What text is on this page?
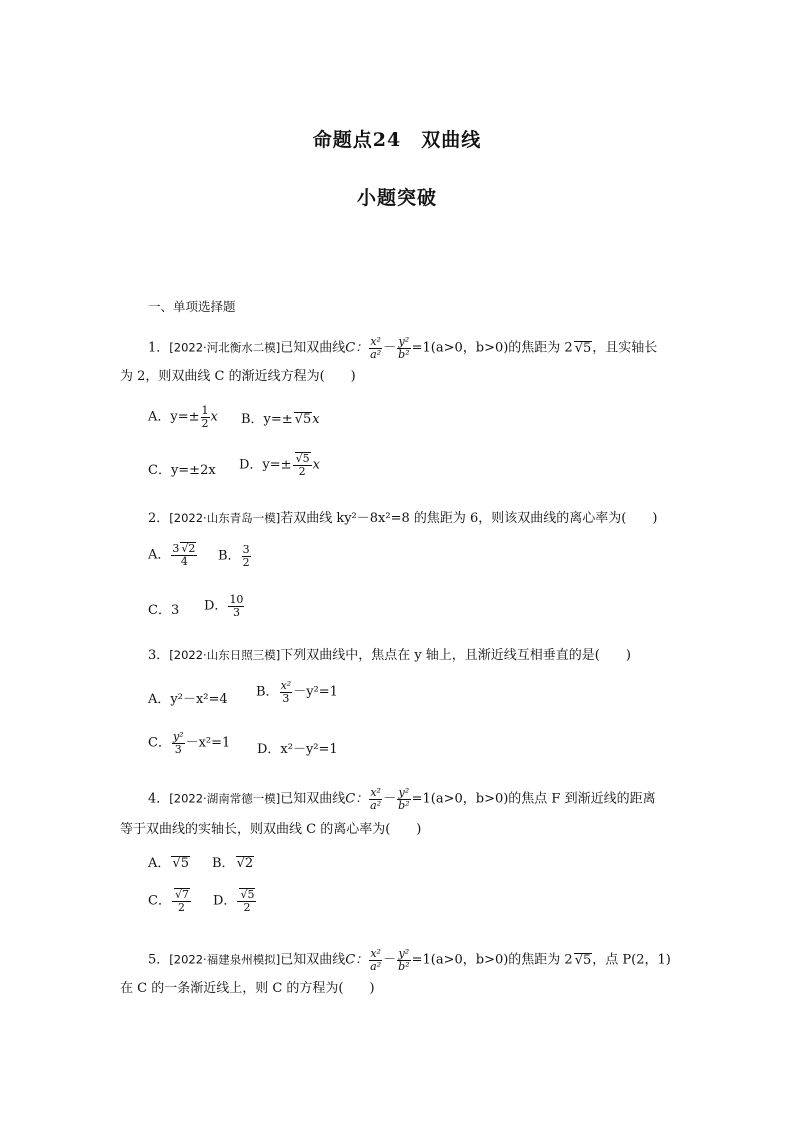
命题点24　双曲线
小题突破
一、单项选择题
1．[2022·河北衡水二模]已知双曲线C： $\frac{\text{x²}}{\text{a²}} - \frac{\text{y²}}{\text{b²}} =1(a>0$，b>0)的焦距为 2 √ 5，且实轴长
为 2，则双曲线 C 的渐近线方程为(　　)
A．$y=\pm \frac{1}{2}$ x B．y=± √ 5x
C．y=±2x D．y=± √ $\frac{5}{2}$ x
2．[2022·山东青岛一模]若双曲线 ky²－8x²=8 的焦距为 6，则该双曲线的离心率为(　　)
A． $\frac{3 √ 2}{4}$ B． $\frac{3}{2}$
C．3 D． $\frac{10}{3}$
3．[2022·山东日照三模]下列双曲线中，焦点在 y 轴上，且渐近线互相垂直的是(　　)
A．y²－x²=4 B． $\frac{\text{x²}}{3} -y^2=1$
C． $\frac{\text{y²}}{3} -x^2=1$ D．x²－y²=1
4．[2022·湖南常德一模]已知双曲线C： $\frac{\text{x²}}{\text{a²}} - \frac{\text{y²}}{\text{b²}} =1(a>0$，b>0)的焦点 F 到渐近线的距离
等于双曲线的实轴长，则双曲线 C 的离心率为(　　)
A． √ 5 B． √ 2
C． √ $\frac{7}{2}$ D． √ $\frac{5}{2}$
5．[2022·福建泉州模拟]已知双曲线C： $\frac{\text{x²}}{\text{a²}} - \frac{\text{y²}}{\text{b²}} =1(a>0$，b>0)的焦距为 2 √ 5，点 P(2，1)
在 C 的一条渐近线上，则 C 的方程为(　　)
